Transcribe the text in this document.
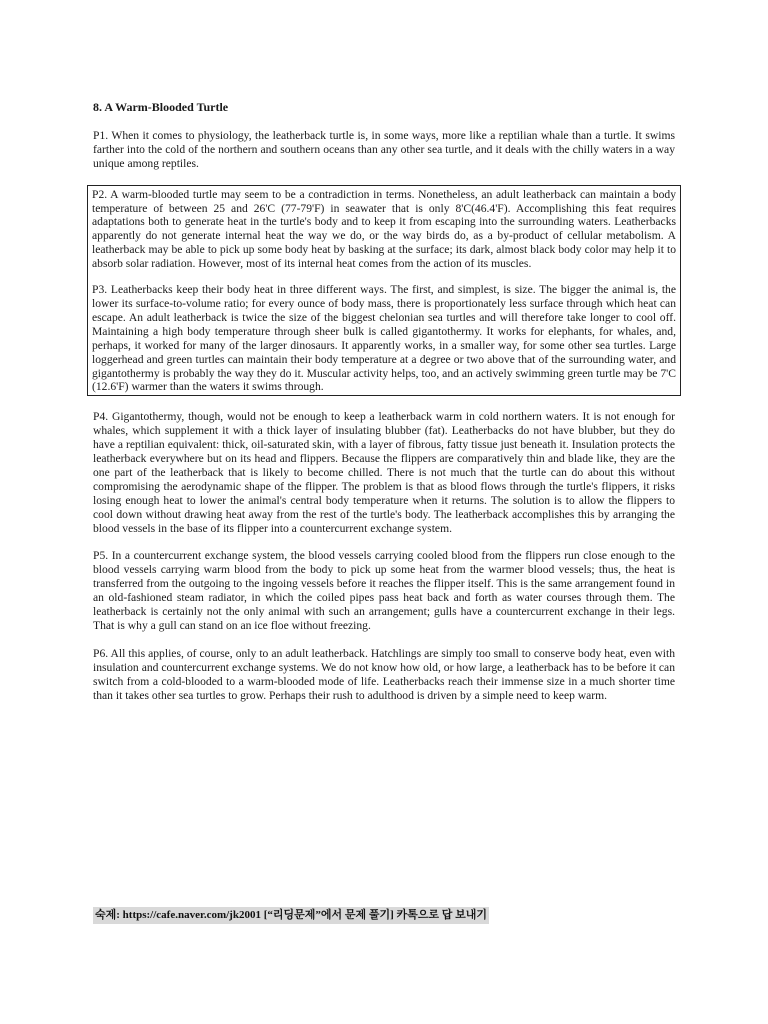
8. A Warm-Blooded Turtle

P1. When it comes to physiology, the leatherback turtle is, in some ways, more like a reptilian whale than a turtle. It swims farther into the cold of the northern and southern oceans than any other sea turtle, and it deals with the chilly waters in a way unique among reptiles.

P2. A warm-blooded turtle may seem to be a contradiction in terms. Nonetheless, an adult leatherback can maintain a body temperature of between 25 and 26'C (77-79'F) in seawater that is only 8'C(46.4'F). Accomplishing this feat requires adaptations both to generate heat in the turtle's body and to keep it from escaping into the surrounding waters. Leatherbacks apparently do not generate internal heat the way we do, or the way birds do, as a by-product of cellular metabolism. A leatherback may be able to pick up some body heat by basking at the surface; its dark, almost black body color may help it to absorb solar radiation. However, most of its internal heat comes from the action of its muscles.

P3. Leatherbacks keep their body heat in three different ways. The first, and simplest, is size. The bigger the animal is, the lower its surface-to-volume ratio; for every ounce of body mass, there is proportionately less surface through which heat can escape. An adult leatherback is twice the size of the biggest chelonian sea turtles and will therefore take longer to cool off. Maintaining a high body temperature through sheer bulk is called gigantothermy. It works for elephants, for whales, and, perhaps, it worked for many of the larger dinosaurs. It apparently works, in a smaller way, for some other sea turtles. Large loggerhead and green turtles can maintain their body temperature at a degree or two above that of the surrounding water, and gigantothermy is probably the way they do it. Muscular activity helps, too, and an actively swimming green turtle may be 7'C (12.6'F) warmer than the waters it swims through.

P4. Gigantothermy, though, would not be enough to keep a leatherback warm in cold northern waters. It is not enough for whales, which supplement it with a thick layer of insulating blubber (fat). Leatherbacks do not have blubber, but they do have a reptilian equivalent: thick, oil-saturated skin, with a layer of fibrous, fatty tissue just beneath it. Insulation protects the leatherback everywhere but on its head and flippers. Because the flippers are comparatively thin and blade like, they are the one part of the leatherback that is likely to become chilled. There is not much that the turtle can do about this without compromising the aerodynamic shape of the flipper. The problem is that as blood flows through the turtle's flippers, it risks losing enough heat to lower the animal's central body temperature when it returns. The solution is to allow the flippers to cool down without drawing heat away from the rest of the turtle's body. The leatherback accomplishes this by arranging the blood vessels in the base of its flipper into a countercurrent exchange system.

P5. In a countercurrent exchange system, the blood vessels carrying cooled blood from the flippers run close enough to the blood vessels carrying warm blood from the body to pick up some heat from the warmer blood vessels; thus, the heat is transferred from the outgoing to the ingoing vessels before it reaches the flipper itself. This is the same arrangement found in an old-fashioned steam radiator, in which the coiled pipes pass heat back and forth as water courses through them. The leatherback is certainly not the only animal with such an arrangement; gulls have a countercurrent exchange in their legs. That is why a gull can stand on an ice floe without freezing.

P6. All this applies, of course, only to an adult leatherback. Hatchlings are simply too small to conserve body heat, even with insulation and countercurrent exchange systems. We do not know how old, or how large, a leatherback has to be before it can switch from a cold-blooded to a warm-blooded mode of life. Leatherbacks reach their immense size in a much shorter time than it takes other sea turtles to grow. Perhaps their rush to adulthood is driven by a simple need to keep warm.

숙제: https://cafe.naver.com/jk2001 [“리딩문제”에서 문제 풀기] 카톡으로 답 보내기
